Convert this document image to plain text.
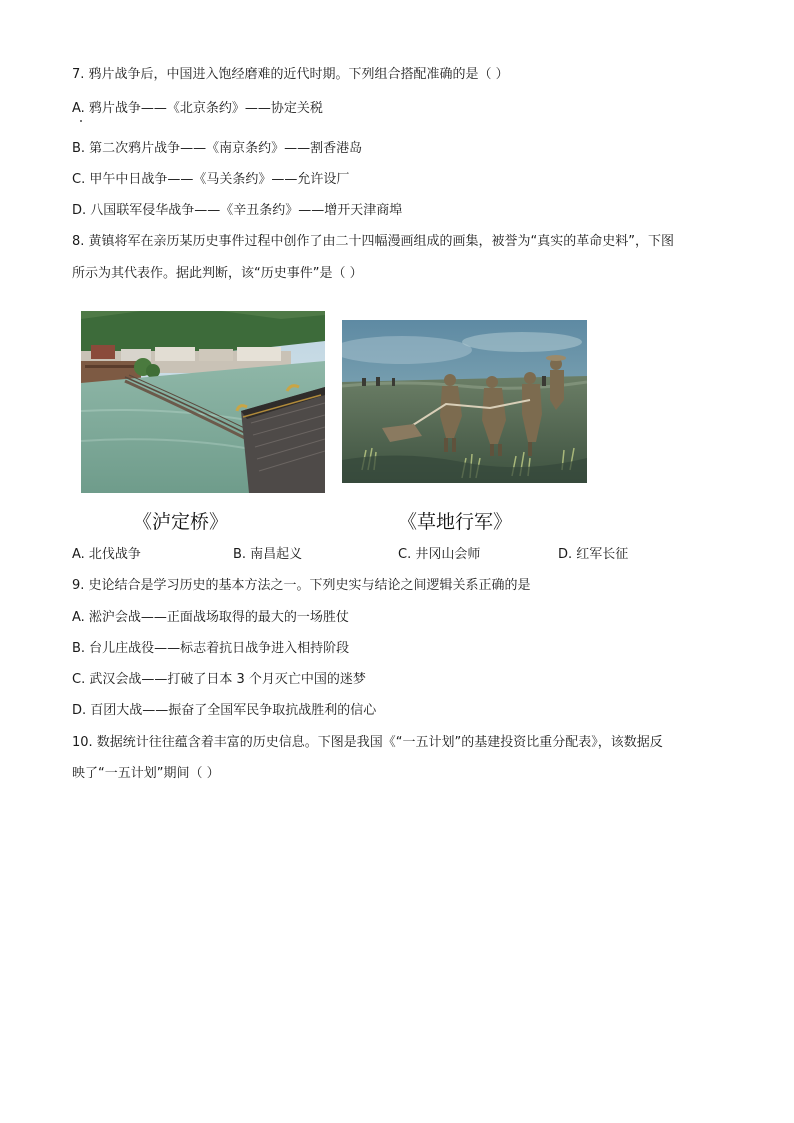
7. 鸦片战争后，中国进入饱经磨难的近代时期。下列组合搭配准确的是（ ）
A. 鸦片战争——《北京条约》——协定关税
B. 第二次鸦片战争——《南京条约》——割香港岛
C. 甲午中日战争——《马关条约》——允许设厂
D. 八国联军侵华战争——《辛丑条约》——增开天津商埠
8. 黄镇将军在亲历某历史事件过程中创作了由二十四幅漫画组成的画集，被誉为“真实的革命史料”，下图
所示为其代表作。据此判断，该“历史事件”是（ ）
《泸定桥》	《草地行军》
A. 北伐战争	B. 南昌起义	C. 井冈山会师	D. 红军长征
9. 史论结合是学习历史的基本方法之一。下列史实与结论之间逻辑关系正确的是
A. 淞沪会战——正面战场取得的最大的一场胜仗
B. 台儿庄战役——标志着抗日战争进入相持阶段
C. 武汉会战——打破了日本 3 个月灭亡中国的迷梦
D. 百团大战——振奋了全国军民争取抗战胜利的信心
10. 数据统计往往蕴含着丰富的历史信息。下图是我国《“一五计划”的基建投资比重分配表》，该数据反
映了“一五计划”期间（ ）
